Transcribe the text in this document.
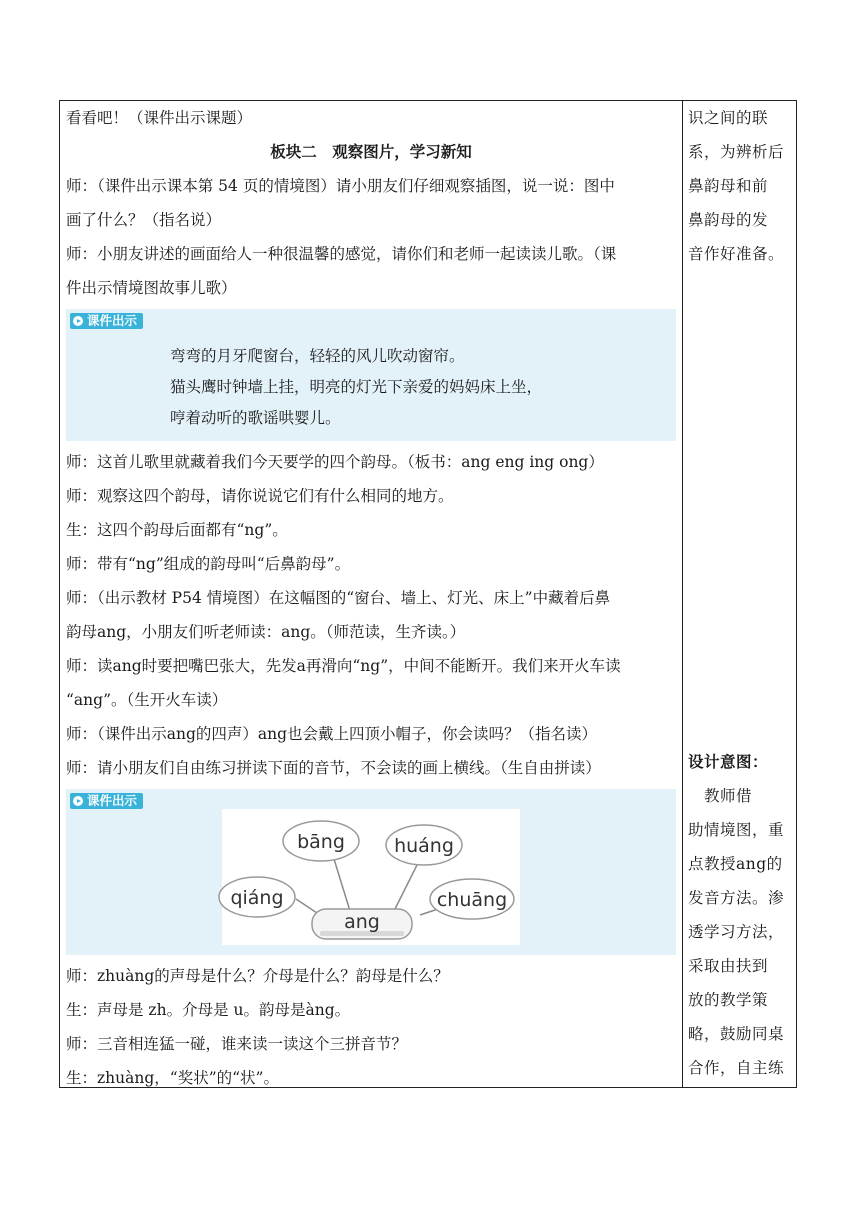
看看吧！（课件出示课题）
板块二　观察图片，学习新知
师：（课件出示课本第 54 页的情境图）请小朋友们仔细观察插图，说一说：图中
画了什么？（指名说）
师：小朋友讲述的画面给人一种很温馨的感觉，请你们和老师一起读读儿歌。（课
件出示情境图故事儿歌）
课件出示
弯弯的月牙爬窗台，轻轻的风儿吹动窗帘。
猫头鹰时钟墙上挂，明亮的灯光下亲爱的妈妈床上坐，
哼着动听的歌谣哄婴儿。
师：这首儿歌里就藏着我们今天要学的四个韵母。（板书：ang eng ing ong）
师：观察这四个韵母，请你说说它们有什么相同的地方。
生：这四个韵母后面都有“ng”。
师：带有“ng”组成的韵母叫“后鼻韵母”。
师：（出示教材 P54 情境图）在这幅图的“窗台、墙上、灯光、床上”中藏着后鼻
韵母ang，小朋友们听老师读：ang。（师范读，生齐读。）
师：读ang时要把嘴巴张大，先发a再滑向“ng”，中间不能断开。我们来开火车读
“ang”。（生开火车读）
师：（课件出示ang的四声）ang也会戴上四顶小帽子，你会读吗？（指名读）
师：请小朋友们自由练习拼读下面的音节，不会读的画上横线。（生自由拼读）
课件出示
bāng	huáng
qiáng	chuāng
ang
师：zhuàng的声母是什么？介母是什么？韵母是什么？
生：声母是 zh。介母是 u。韵母是àng。
师：三音相连猛一碰，谁来读一读这个三拼音节？
生：zhuàng，“奖状”的“状”。
识之间的联
系，为辨析后
鼻韵母和前
鼻韵母的发
音作好准备。
设计意图：
　教师借
助情境图，重
点教授ang的
发音方法。渗
透学习方法，
采取由扶到
放的教学策
略，鼓励同桌
合作，自主练
